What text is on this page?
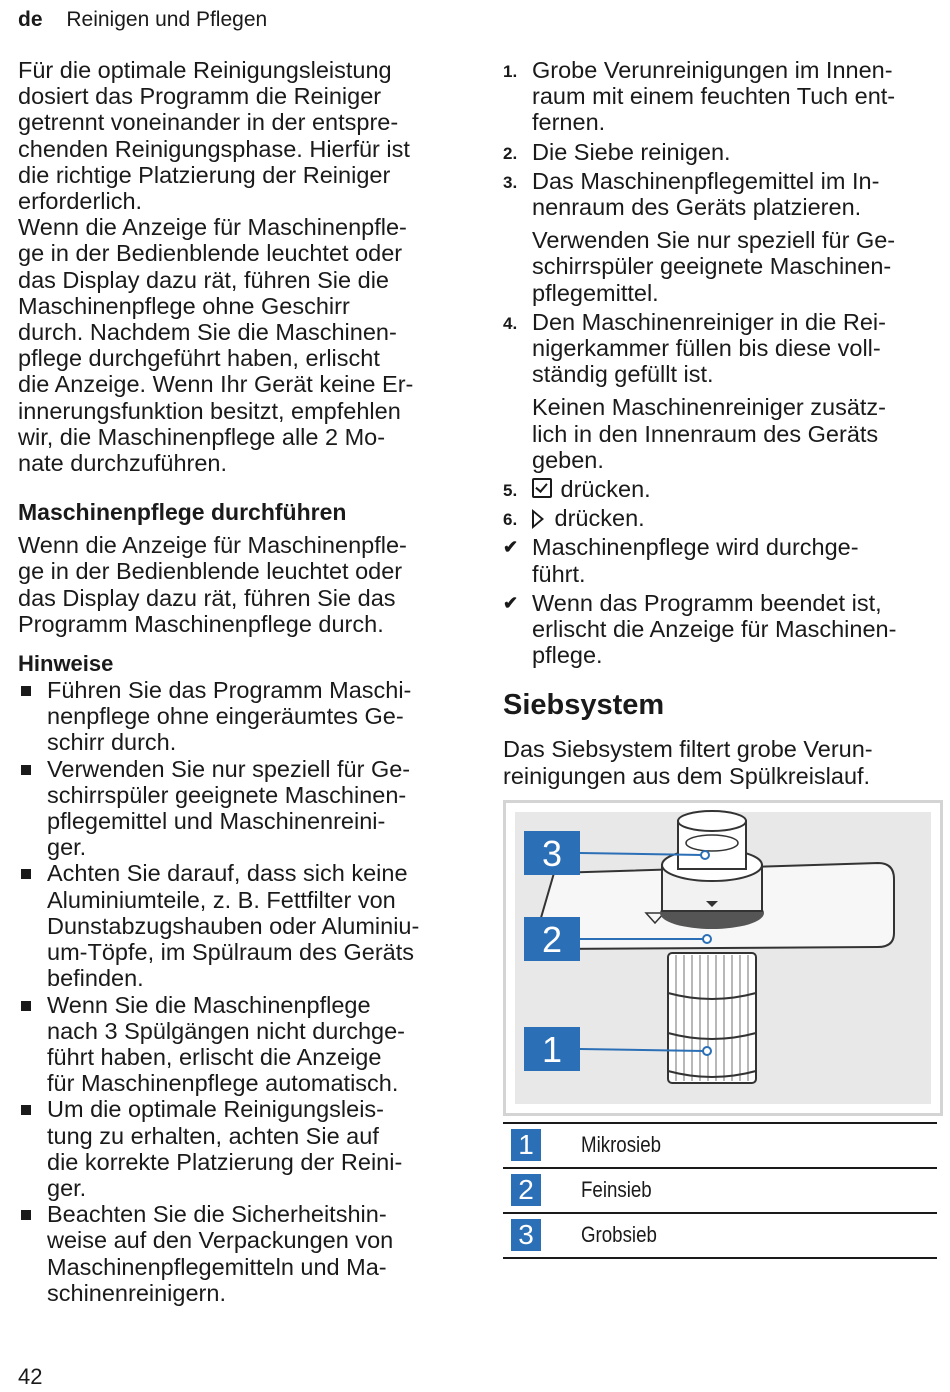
de Reinigen und Pflegen

Für die optimale Reinigungsleistung
dosiert das Programm die Reiniger
getrennt voneinander in der entspre-
chenden Reinigungsphase. Hierfür ist
die richtige Platzierung der Reiniger
erforderlich.
Wenn die Anzeige für Maschinenpfle-
ge in der Bedienblende leuchtet oder
das Display dazu rät, führen Sie die
Maschinenpflege ohne Geschirr
durch. Nachdem Sie die Maschinen-
pflege durchgeführt haben, erlischt
die Anzeige. Wenn Ihr Gerät keine Er-
innerungsfunktion besitzt, empfehlen
wir, die Maschinenpflege alle 2 Mo-
nate durchzuführen.

Maschinenpflege durchführen

Wenn die Anzeige für Maschinenpfle-
ge in der Bedienblende leuchtet oder
das Display dazu rät, führen Sie das
Programm Maschinenpflege durch.

Hinweise
Führen Sie das Programm Maschi-
nenpflege ohne eingeräumtes Ge-
schirr durch.
Verwenden Sie nur speziell für Ge-
schirrspüler geeignete Maschinen-
pflegemittel und Maschinenreini-
ger.
Achten Sie darauf, dass sich keine
Aluminiumteile, z. B. Fettfilter von
Dunstabzugshauben oder Aluminiu-
um-Töpfe, im Spülraum des Geräts
befinden.
Wenn Sie die Maschinenpflege
nach 3 Spülgängen nicht durchge-
führt haben, erlischt die Anzeige
für Maschinenpflege automatisch.
Um die optimale Reinigungsleis-
tung zu erhalten, achten Sie auf
die korrekte Platzierung der Reini-
ger.
Beachten Sie die Sicherheitshin-
weise auf den Verpackungen von
Maschinenpflegemitteln und Ma-
schinenreinigern.
1. Grobe Verunreinigungen im Innen-
raum mit einem feuchten Tuch ent-
fernen.
2. Die Siebe reinigen.
3. Das Maschinenpflegemittel im In-
nenraum des Geräts platzieren.
Verwenden Sie nur speziell für Ge-
schirrspüler geeignete Maschinen-
pflegemittel.
4. Den Maschinenreiniger in die Rei-
nigerkammer füllen bis diese voll-
ständig gefüllt ist.
Keinen Maschinenreiniger zusätz-
lich in den Innenraum des Geräts
geben.
5. drücken.
6. drücken.
✔ Maschinenpflege wird durchge-
führt.
✔ Wenn das Programm beendet ist,
erlischt die Anzeige für Maschinen-
pflege.
Siebsystem

Das Siebsystem filtert grobe Verun-
reinigungen aus dem Spülkreislauf.

3
2
1
1	Mikrosieb
2	Feinsieb
3	Grobsieb
42
